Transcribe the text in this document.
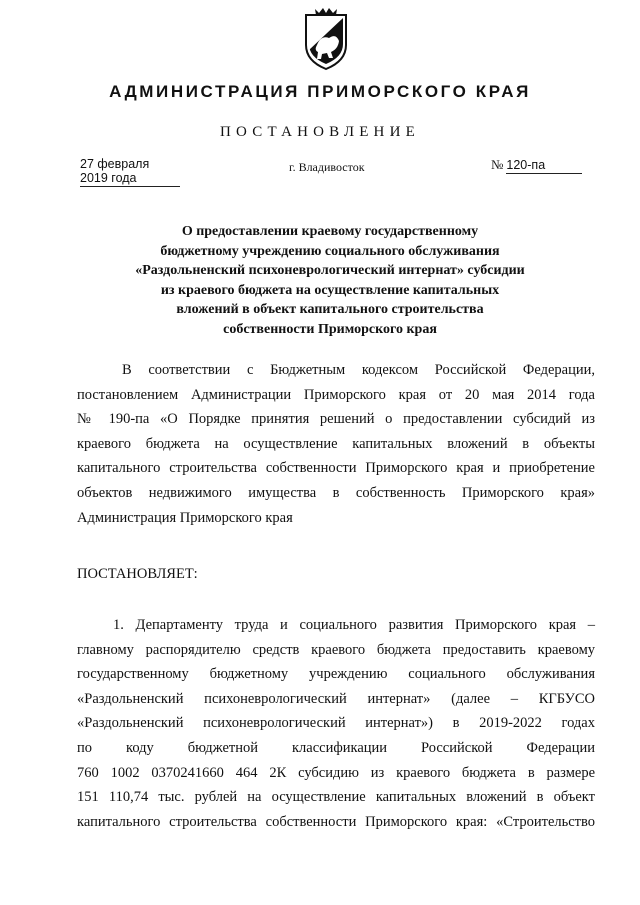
АДМИНИСТРАЦИЯ ПРИМОРСКОГО КРАЯ
ПОСТАНОВЛЕНИЕ
27 февраля 2019 года
г. Владивосток	№ 120-па
О предоставлении краевому государственному
бюджетному учреждению социального обслуживания
«Раздольненский психоневрологический интернат» субсидии
из краевого бюджета на осуществление капитальных
вложений в объект капитального строительства
собственности Приморского края
В соответствии с Бюджетным кодексом Российской Федерации,
постановлением Администрации Приморского края от 20 мая 2014 года
№ 190-па «О Порядке принятия решений о предоставлении субсидий из
краевого бюджета на осуществление капитальных вложений в объекты
капитального строительства собственности Приморского края и приобретение
объектов недвижимого имущества в собственность Приморского края»
Администрация Приморского края
ПОСТАНОВЛЯЕТ:
1. Департаменту труда и социального развития Приморского края –
главному распорядителю средств краевого бюджета предоставить краевому
государственному бюджетному учреждению социального обслуживания
«Раздольненский психоневрологический интернат» (далее – КГБУСО
«Раздольненский психоневрологический интернат») в 2019-2022 годах
по коду бюджетной классификации Российской Федерации
760 1002 0370241660 464 2К субсидию из краевого бюджета в размере
151 110,74 тыс. рублей на осуществление капитальных вложений в объект
капитального строительства собственности Приморского края: «Строительство
